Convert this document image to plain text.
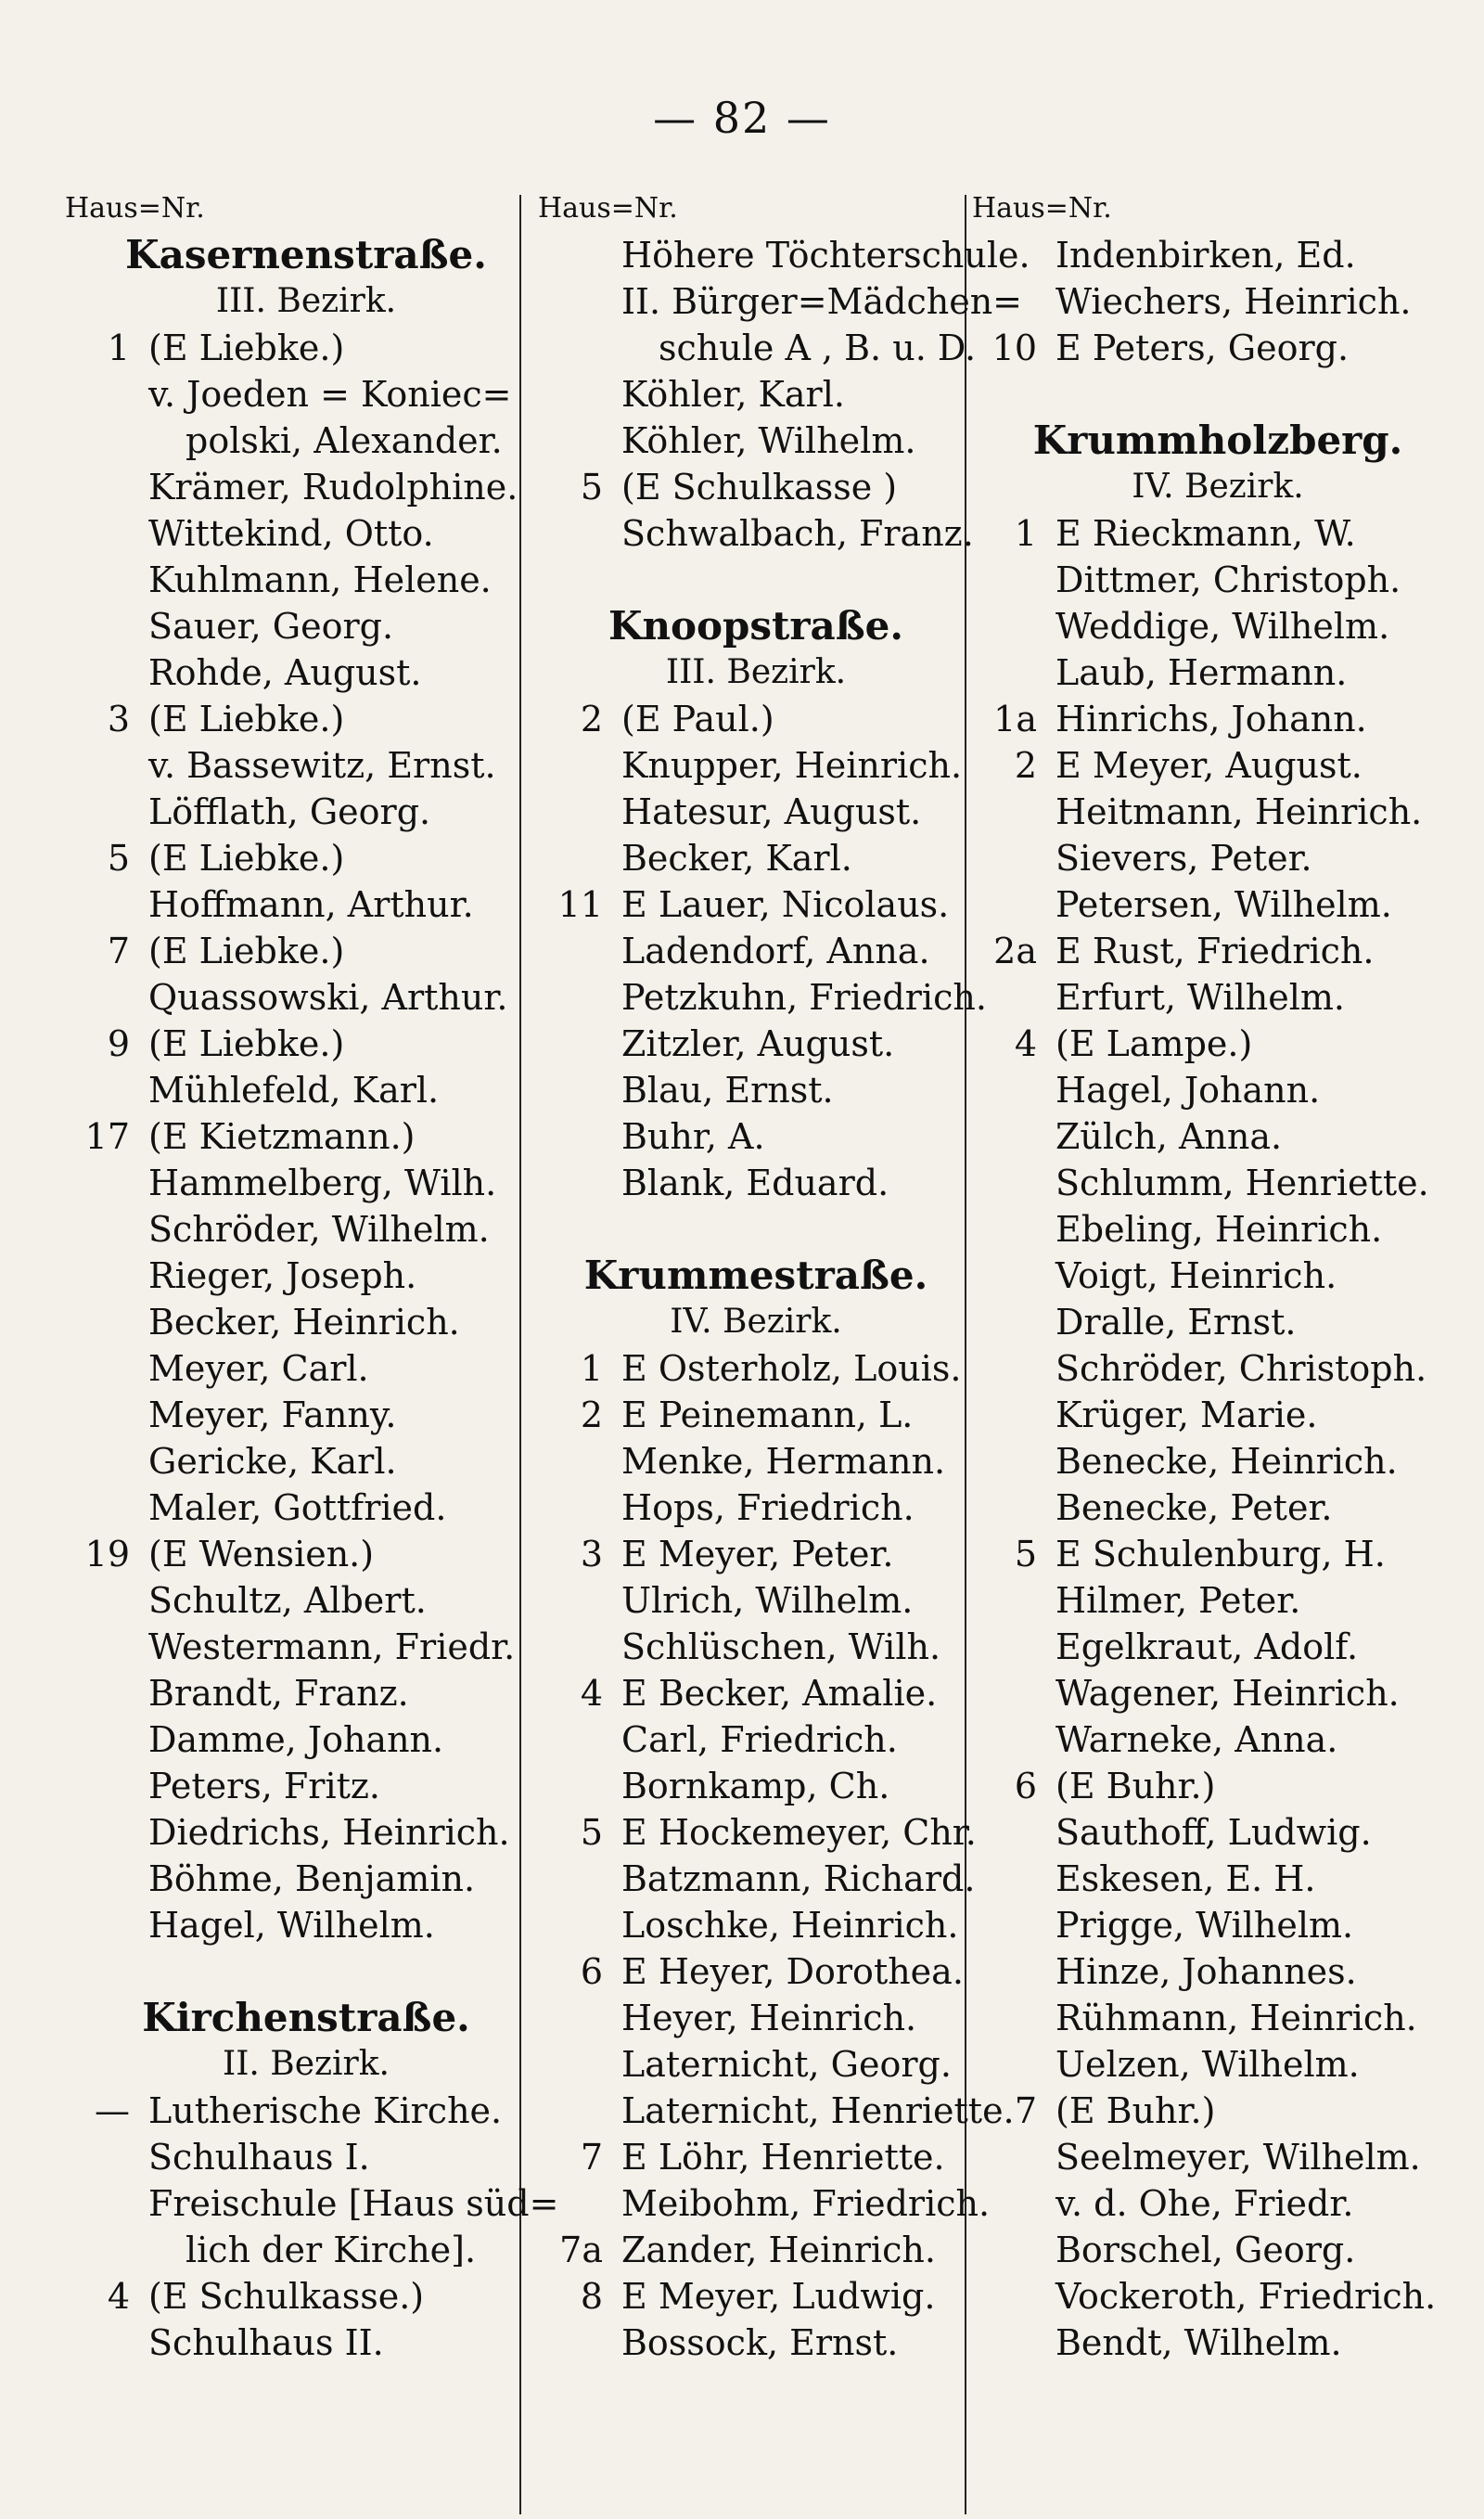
— 82 —
Haus=Nr.
Kasernenstraße.
III. Bezirk.
1 (E Liebke.)
v. Joeden = Koniec=
polski, Alexander.
Krämer, Rudolphine.
Wittekind, Otto.
Kuhlmann, Helene.
Sauer, Georg.
Rohde, August.
3 (E Liebke.)
v. Bassewitz, Ernst.
Löfflath, Georg.
5 (E Liebke.)
Hoffmann, Arthur.
7 (E Liebke.)
Quassowski, Arthur.
9 (E Liebke.)
Mühlefeld, Karl.
17 (E Kietzmann.)
Hammelberg, Wilh.
Schröder, Wilhelm.
Rieger, Joseph.
Becker, Heinrich.
Meyer, Carl.
Meyer, Fanny.
Gericke, Karl.
Maler, Gottfried.
19 (E Wensien.)
Schultz, Albert.
Westermann, Friedr.
Brandt, Franz.
Damme, Johann.
Peters, Fritz.
Diedrichs, Heinrich.
Böhme, Benjamin.
Hagel, Wilhelm.
Kirchenstraße.
II. Bezirk.
— Lutherische Kirche.
Schulhaus I.
Freischule [Haus süd=
lich der Kirche].
4 (E Schulkasse.)
Schulhaus II.
Haus=Nr.
Höhere Töchterschule.
II. Bürger=Mädchen=
schule A , B. u. D.
Köhler, Karl.
Köhler, Wilhelm.
5 (E Schulkasse )
Schwalbach, Franz.
Knoopstraße.
III. Bezirk.
2 (E Paul.)
Knupper, Heinrich.
Hatesur, August.
Becker, Karl.
11 E Lauer, Nicolaus.
Ladendorf, Anna.
Petzkuhn, Friedrich.
Zitzler, August.
Blau, Ernst.
Buhr, A.
Blank, Eduard.
Krummestraße.
IV. Bezirk.
1 E Osterholz, Louis.
2 E Peinemann, L.
Menke, Hermann.
Hops, Friedrich.
3 E Meyer, Peter.
Ulrich, Wilhelm.
Schlüschen, Wilh.
4 E Becker, Amalie.
Carl, Friedrich.
Bornkamp, Ch.
5 E Hockemeyer, Chr.
Batzmann, Richard.
Loschke, Heinrich.
6 E Heyer, Dorothea.
Heyer, Heinrich.
Laternicht, Georg.
Laternicht, Henriette.
7 E Löhr, Henriette.
Meibohm, Friedrich.
7a Zander, Heinrich.
8 E Meyer, Ludwig.
Bossock, Ernst.
Haus=Nr.
Indenbirken, Ed.
Wiechers, Heinrich.
10 E Peters, Georg.
Krummholzberg.
IV. Bezirk.
1 E Rieckmann, W.
Dittmer, Christoph.
Weddige, Wilhelm.
Laub, Hermann.
1a Hinrichs, Johann.
2 E Meyer, August.
Heitmann, Heinrich.
Sievers, Peter.
Petersen, Wilhelm.
2a E Rust, Friedrich.
Erfurt, Wilhelm.
4 (E Lampe.)
Hagel, Johann.
Zülch, Anna.
Schlumm, Henriette.
Ebeling, Heinrich.
Voigt, Heinrich.
Dralle, Ernst.
Schröder, Christoph.
Krüger, Marie.
Benecke, Heinrich.
Benecke, Peter.
5 E Schulenburg, H.
Hilmer, Peter.
Egelkraut, Adolf.
Wagener, Heinrich.
Warneke, Anna.
6 (E Buhr.)
Sauthoff, Ludwig.
Eskesen, E. H.
Prigge, Wilhelm.
Hinze, Johannes.
Rühmann, Heinrich.
Uelzen, Wilhelm.
7 (E Buhr.)
Seelmeyer, Wilhelm.
v. d. Ohe, Friedr.
Borschel, Georg.
Vockeroth, Friedrich.
Bendt, Wilhelm.
